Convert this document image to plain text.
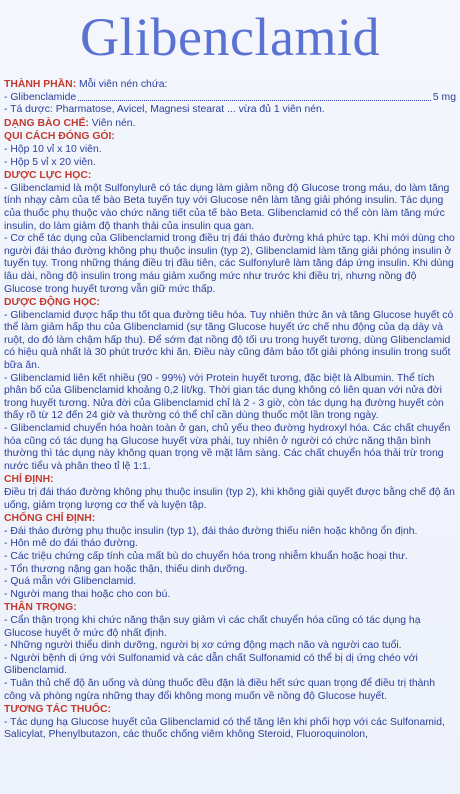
Glibenclamid
THÀNH PHẦN: Mỗi viên nén chứa:
- Glibenclamide	5 mg
- Tá dược: Pharmatose, Avicel, Magnesi stearat ... vừa đủ 1 viên nén.
DẠNG BÀO CHẾ: Viên nén.
QUI CÁCH ĐÓNG GÓI:
- Hộp 10 vỉ x 10 viên.
- Hộp 5 vỉ x 20 viên.
DƯỢC LỰC HỌC:

- Glibenclamid là một Sulfonylurê có tác dụng làm giảm nồng độ Glucose trong máu, do làm tăng tính nhạy cảm của tế bào Beta tuyến tụy với Glucose nên làm tăng giải phóng insulin. Tác dụng của thuốc phụ thuộc vào chức năng tiết của tế bào Beta. Glibenclamid có thể còn làm tăng mức insulin, do làm giảm độ thanh thải của insulin qua gan.

- Cơ chế tác dụng của Glibenclamid trong điều trị đái tháo đường khá phức tạp. Khi mới dùng cho người đái tháo đường không phụ thuộc insulin (typ 2), Glibenclamid làm tăng giải phóng insulin ở tuyến tụy. Trong những tháng điều trị đầu tiên, các Sulfonylurê làm tăng đáp ứng insulin. Khi dùng lâu dài, nồng độ insulin trong máu giảm xuống mức như trước khi điều trị, nhưng nồng độ Glucose trong huyết tương vẫn giữ mức thấp.

DƯỢC ĐỘNG HỌC:

- Glibenclamid được hấp thu tốt qua đường tiêu hóa. Tuy nhiên thức ăn và tăng Glucose huyết có thể làm giảm hấp thu của Glibenclamid (sự tăng Glucose huyết ức chế nhu động của dạ dày và ruột, do đó làm chậm hấp thu). Để sớm đạt nồng độ tối ưu trong huyết tương, dùng Glibenclamid có hiệu quả nhất là 30 phút trước khi ăn. Điều này cũng đảm bảo tốt giải phóng insulin trong suốt bữa ăn.

- Glibenclamid liên kết nhiều (90 - 99%) với Protein huyết tương, đặc biệt là Albumin. Thể tích phân bố của Glibenclamid khoảng 0,2 lít/kg. Thời gian tác dụng không có liên quan với nửa đời trong huyết tương. Nửa đời của Glibenclamid chỉ là 2 - 3 giờ, còn tác dụng hạ đường huyết còn thấy rõ từ 12 đến 24 giờ và thường có thể chỉ cần dùng thuốc một lần trong ngày.

- Glibenclamid chuyển hóa hoàn toàn ở gan, chủ yếu theo đường hydroxyl hóa. Các chất chuyển hóa cũng có tác dụng hạ Glucose huyết vừa phải, tuy nhiên ở người có chức năng thận bình thường thì tác dụng này không quan trọng về mặt lâm sàng. Các chất chuyển hóa thải trừ trong nước tiểu và phân theo tỉ lệ 1:1.

CHỈ ĐỊNH:

Điều trị đái tháo đường không phụ thuộc insulin (typ 2), khi không giải quyết được bằng chế độ ăn uống, giảm trọng lượng cơ thể và luyện tập.

CHỐNG CHỈ ĐỊNH:
- Đái tháo đường phụ thuộc insulin (typ 1), đái tháo đường thiếu niên hoặc không ổn định.
- Hôn mê do đái tháo đường.
- Các triệu chứng cấp tính của mất bù do chuyển hóa trong nhiễm khuẩn hoặc hoại thư.
- Tổn thương nặng gan hoặc thận, thiếu dinh dưỡng.
- Quá mẫn với Glibenclamid.
- Người mang thai hoặc cho con bú.
THẬN TRỌNG:
- Cẩn thận trọng khi chức năng thận suy giảm vì các chất chuyển hóa cũng có tác dụng hạ Glucose huyết ở mức độ nhất định.
- Những người thiểu dinh dưỡng, người bị xơ cứng động mạch não và người cao tuổi.
- Người bệnh dị ứng với Sulfonamid và các dẫn chất Sulfonamid có thể bị dị ứng chéo với Glibenclamid.
- Tuân thủ chế độ ăn uống và dùng thuốc đều đặn là điều hết sức quan trọng để điều trị thành công và phòng ngừa những thay đổi không mong muốn về nồng độ Glucose huyết.
TƯƠNG TÁC THUỐC:

- Tác dụng hạ Glucose huyết của Glibenclamid có thể tăng lên khi phối hợp với các Sulfonamid, Salicylat, Phenylbutazon, các thuốc chống viêm không Steroid, Fluoroquinolon,
